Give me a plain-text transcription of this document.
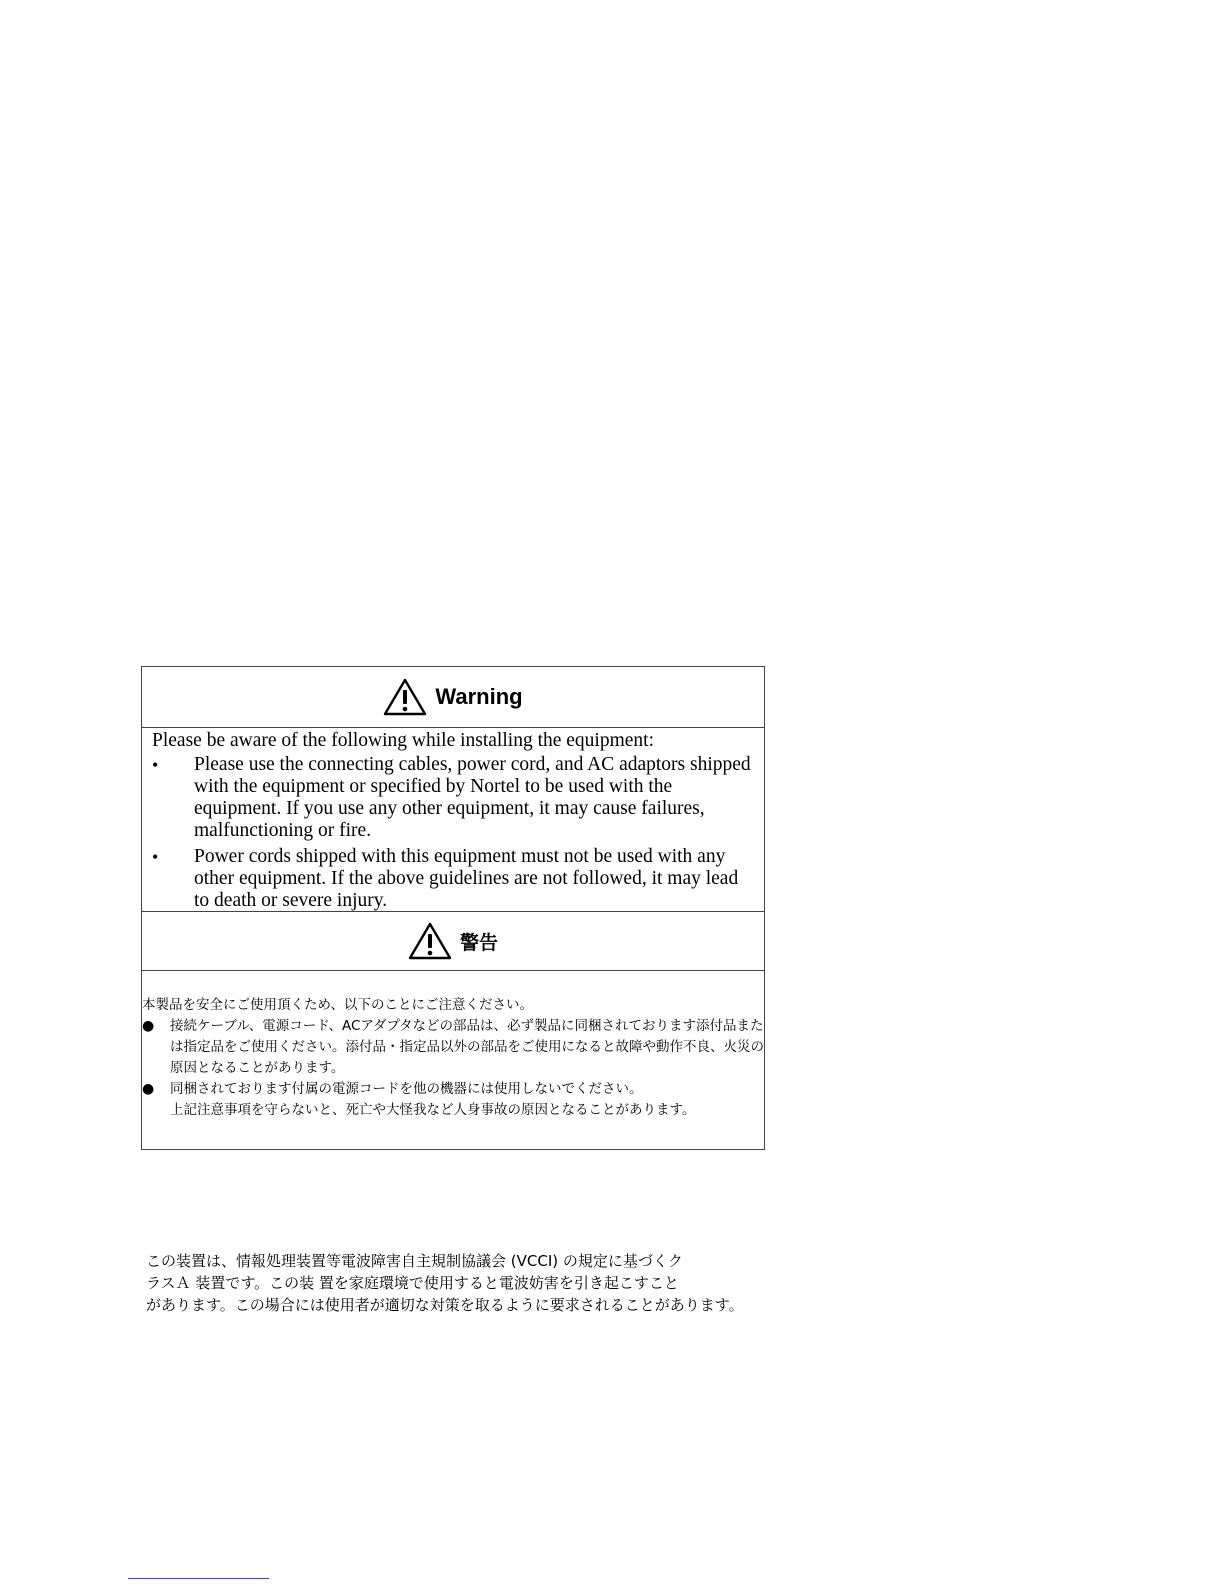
Warning

Please be aware of the following while installing the equipment:

• Please use the connecting cables, power cord, and AC adaptors shipped with the equipment or specified by Nortel to be used with the equipment. If you use any other equipment, it may cause failures, malfunctioning or fire.
• Power cords shipped with this equipment must not be used with any other equipment. If the above guidelines are not followed, it may lead to death or severe injury.
警告

本製品を安全にご使用頂くため、以下のことにご注意ください。

● 接続ケーブル、電源コード、ACアダプタなどの部品は、必ず製品に同梱されております添付品または指定品をご使用ください。添付品・指定品以外の部品をご使用になると故障や動作不良、火災の原因となることがあります。
● 同梱されております付属の電源コードを他の機器には使用しないでください。
上記注意事項を守らないと、死亡や大怪我など人身事故の原因となることがあります。

この装置は、情報処理装置等電波障害自主規制協議会 (VCCI) の規定に基づくク

ラスＡ 装置です。この装 置を家庭環境で使用すると電波妨害を引き起こすこと

があります。この場合には使用者が適切な対策を取るように要求されることがあります。
